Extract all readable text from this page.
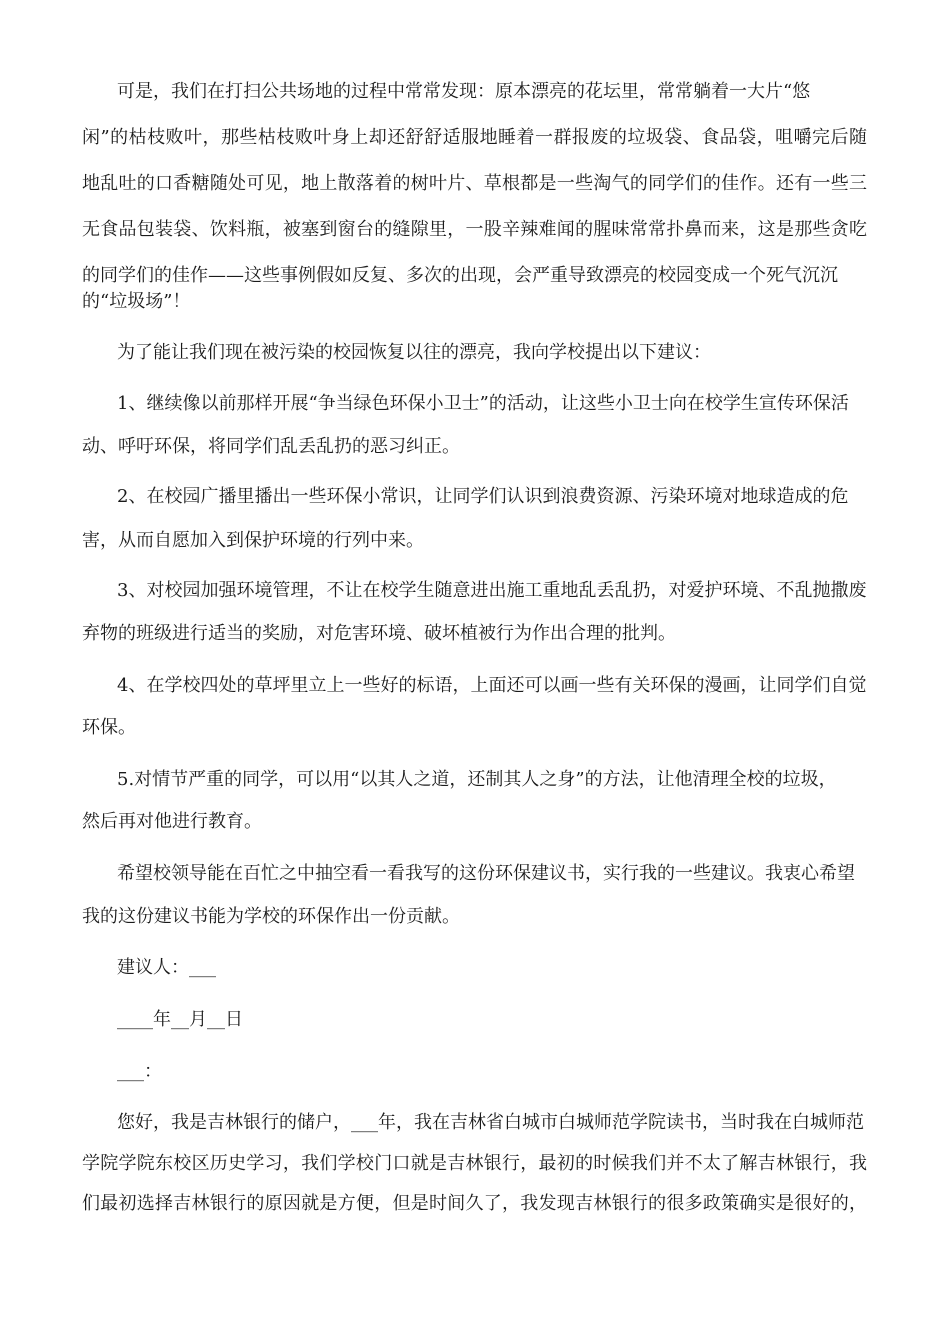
可是，我们在打扫公共场地的过程中常常发现：原本漂亮的花坛里，常常躺着一大片“悠
闲”的枯枝败叶，那些枯枝败叶身上却还舒舒适服地睡着一群报废的垃圾袋、食品袋，咀嚼完后随
地乱吐的口香糖随处可见，地上散落着的树叶片、草根都是一些淘气的同学们的佳作。还有一些三
无食品包装袋、饮料瓶，被塞到窗台的缝隙里，一股辛辣难闻的腥味常常扑鼻而来，这是那些贪吃
的同学们的佳作——这些事例假如反复、多次的出现，会严重导致漂亮的校园变成一个死气沉沉
的“垃圾场”！
为了能让我们现在被污染的校园恢复以往的漂亮，我向学校提出以下建议：
1、继续像以前那样开展“争当绿色环保小卫士”的活动，让这些小卫士向在校学生宣传环保活
动、呼吁环保，将同学们乱丢乱扔的恶习纠正。
2、在校园广播里播出一些环保小常识，让同学们认识到浪费资源、污染环境对地球造成的危
害，从而自愿加入到保护环境的行列中来。
3、对校园加强环境管理，不让在校学生随意进出施工重地乱丢乱扔，对爱护环境、不乱抛撒废
弃物的班级进行适当的奖励，对危害环境、破坏植被行为作出合理的批判。
4、在学校四处的草坪里立上一些好的标语，上面还可以画一些有关环保的漫画，让同学们自觉
环保。
5.对情节严重的同学，可以用“以其人之道，还制其人之身”的方法，让他清理全校的垃圾，
然后再对他进行教育。
希望校领导能在百忙之中抽空看一看我写的这份环保建议书，实行我的一些建议。我衷心希望
我的这份建议书能为学校的环保作出一份贡献。
建议人：___
____年__月__日
___：
您好，我是吉林银行的储户，___年，我在吉林省白城市白城师范学院读书，当时我在白城师范
学院学院东校区历史学习，我们学校门口就是吉林银行，最初的时候我们并不太了解吉林银行，我
们最初选择吉林银行的原因就是方便，但是时间久了，我发现吉林银行的很多政策确实是很好的，
